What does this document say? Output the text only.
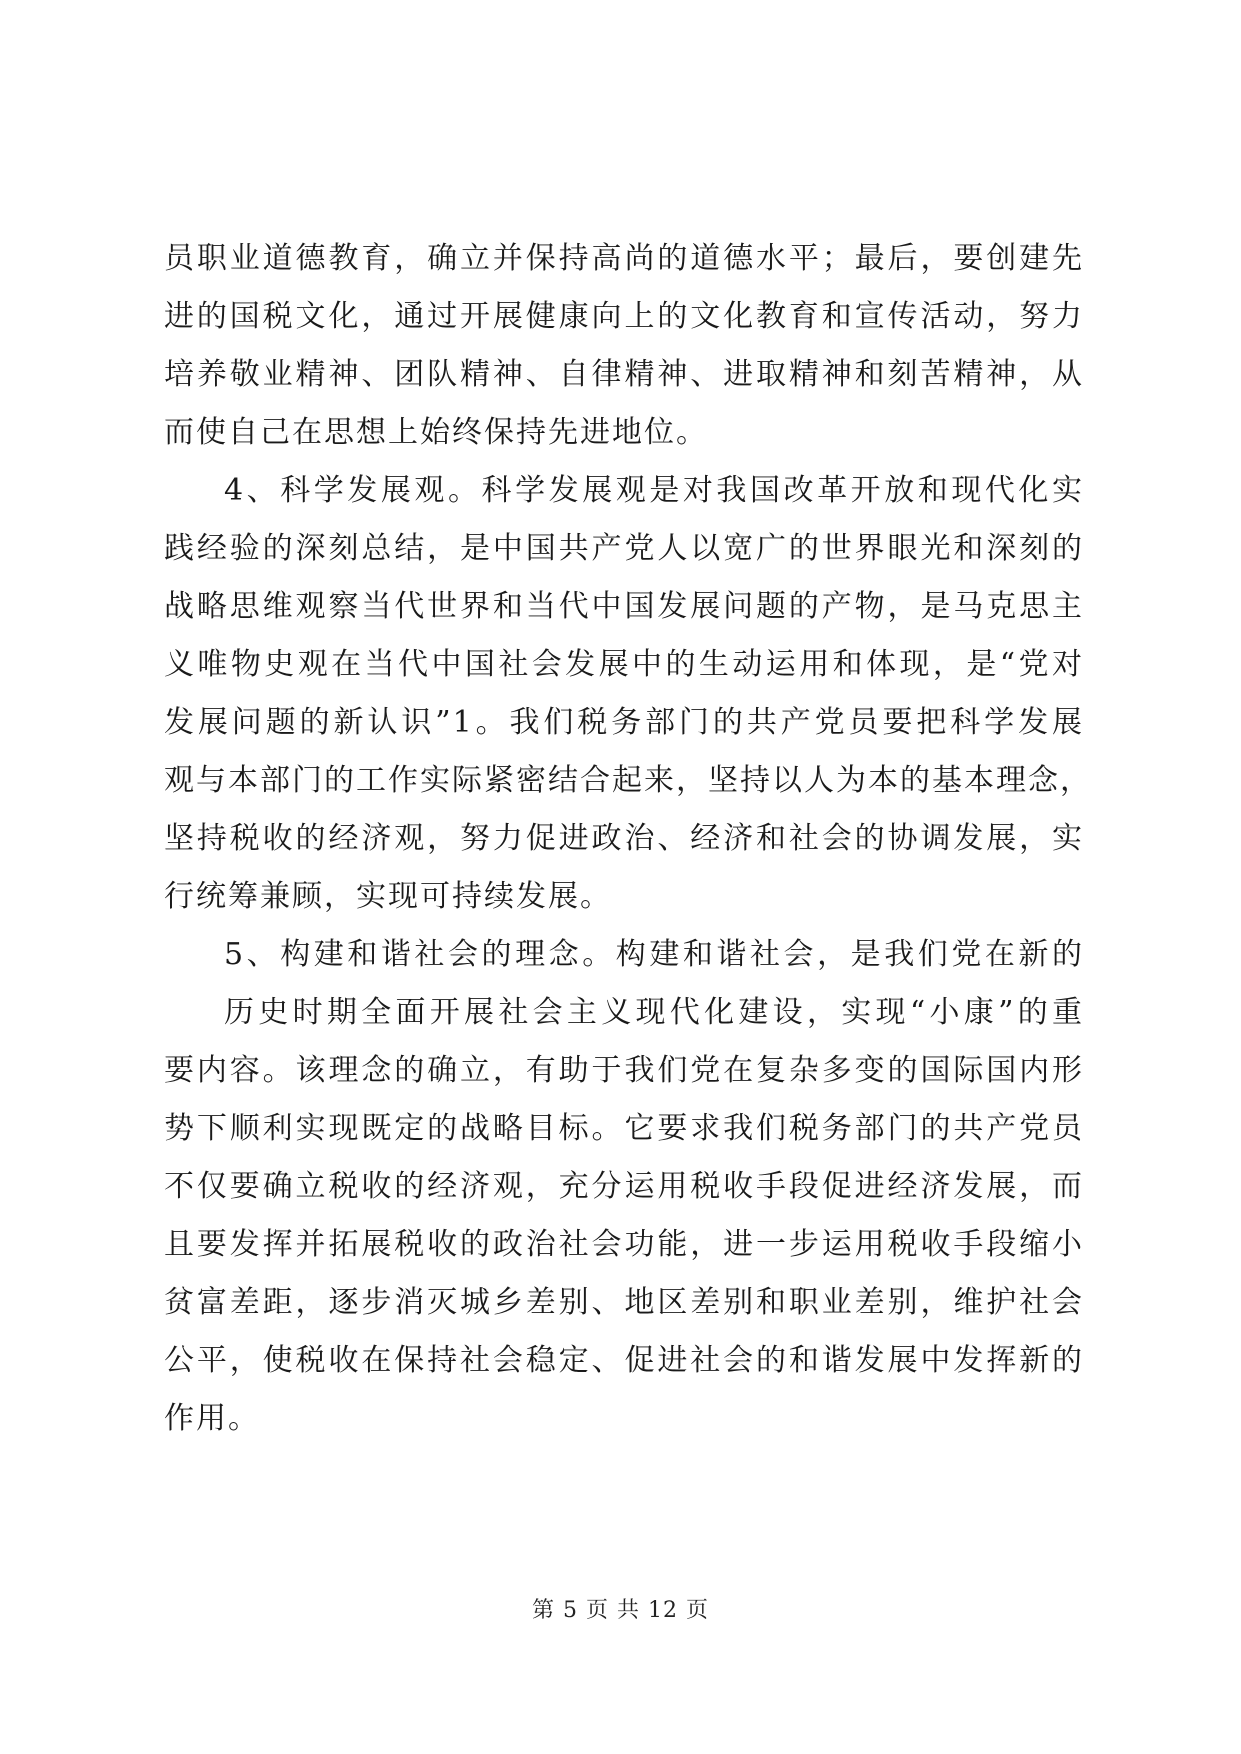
员职业道德教育，确立并保持高尚的道德水平；最后，要创建先
进的国税文化，通过开展健康向上的文化教育和宣传活动，努力
培养敬业精神、团队精神、自律精神、进取精神和刻苦精神，从
而使自己在思想上始终保持先进地位。
4、科学发展观。科学发展观是对我国改革开放和现代化实
践经验的深刻总结，是中国共产党人以宽广的世界眼光和深刻的
战略思维观察当代世界和当代中国发展问题的产物，是马克思主
义唯物史观在当代中国社会发展中的生动运用和体现，是“党对
发展问题的新认识”1。我们税务部门的共产党员要把科学发展
观与本部门的工作实际紧密结合起来，坚持以人为本的基本理念，
坚持税收的经济观，努力促进政治、经济和社会的协调发展，实
行统筹兼顾，实现可持续发展。
5、构建和谐社会的理念。构建和谐社会，是我们党在新的
历史时期全面开展社会主义现代化建设，实现“小康”的重
要内容。该理念的确立，有助于我们党在复杂多变的国际国内形
势下顺利实现既定的战略目标。它要求我们税务部门的共产党员
不仅要确立税收的经济观，充分运用税收手段促进经济发展，而
且要发挥并拓展税收的政治社会功能，进一步运用税收手段缩小
贫富差距，逐步消灭城乡差别、地区差别和职业差别，维护社会
公平，使税收在保持社会稳定、促进社会的和谐发展中发挥新的
作用。
第 5 页 共 12 页
